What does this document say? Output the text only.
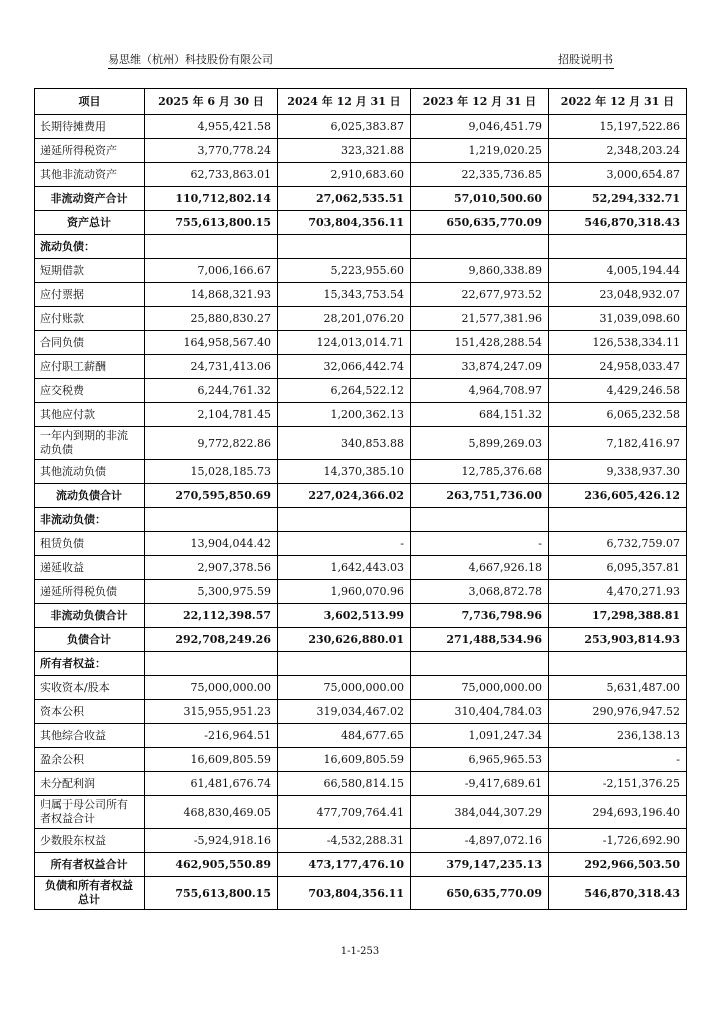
易思维（杭州）科技股份有限公司	招股说明书
项目	2025 年 6 月 30 日	2024 年 12 月 31 日	2023 年 12 月 31 日	2022 年 12 月 31 日
长期待摊费用	4,955,421.58	6,025,383.87	9,046,451.79	15,197,522.86
递延所得税资产	3,770,778.24	323,321.88	1,219,020.25	2,348,203.24
其他非流动资产	62,733,863.01	2,910,683.60	22,335,736.85	3,000,654.87
非流动资产合计	110,712,802.14	27,062,535.51	57,010,500.60	52,294,332.71
资产总计	755,613,800.15	703,804,356.11	650,635,770.09	546,870,318.43
流动负债：				
短期借款	7,006,166.67	5,223,955.60	9,860,338.89	4,005,194.44
应付票据	14,868,321.93	15,343,753.54	22,677,973.52	23,048,932.07
应付账款	25,880,830.27	28,201,076.20	21,577,381.96	31,039,098.60
合同负债	164,958,567.40	124,013,014.71	151,428,288.54	126,538,334.11
应付职工薪酬	24,731,413.06	32,066,442.74	33,874,247.09	24,958,033.47
应交税费	6,244,761.32	6,264,522.12	4,964,708.97	4,429,246.58
其他应付款	2,104,781.45	1,200,362.13	684,151.32	6,065,232.58
一年内到期的非流动负债	9,772,822.86	340,853.88	5,899,269.03	7,182,416.97
其他流动负债	15,028,185.73	14,370,385.10	12,785,376.68	9,338,937.30
流动负债合计	270,595,850.69	227,024,366.02	263,751,736.00	236,605,426.12
非流动负债：				
租赁负债	13,904,044.42	-	-	6,732,759.07
递延收益	2,907,378.56	1,642,443.03	4,667,926.18	6,095,357.81
递延所得税负债	5,300,975.59	1,960,070.96	3,068,872.78	4,470,271.93
非流动负债合计	22,112,398.57	3,602,513.99	7,736,798.96	17,298,388.81
负债合计	292,708,249.26	230,626,880.01	271,488,534.96	253,903,814.93
所有者权益：				
实收资本/股本	75,000,000.00	75,000,000.00	75,000,000.00	5,631,487.00
资本公积	315,955,951.23	319,034,467.02	310,404,784.03	290,976,947.52
其他综合收益	-216,964.51	484,677.65	1,091,247.34	236,138.13
盈余公积	16,609,805.59	16,609,805.59	6,965,965.53	-
未分配利润	61,481,676.74	66,580,814.15	-9,417,689.61	-2,151,376.25
归属于母公司所有者权益合计	468,830,469.05	477,709,764.41	384,044,307.29	294,693,196.40
少数股东权益	-5,924,918.16	-4,532,288.31	-4,897,072.16	-1,726,692.90
所有者权益合计	462,905,550.89	473,177,476.10	379,147,235.13	292,966,503.50
负债和所有者权益总计	755,613,800.15	703,804,356.11	650,635,770.09	546,870,318.43
1-1-253
